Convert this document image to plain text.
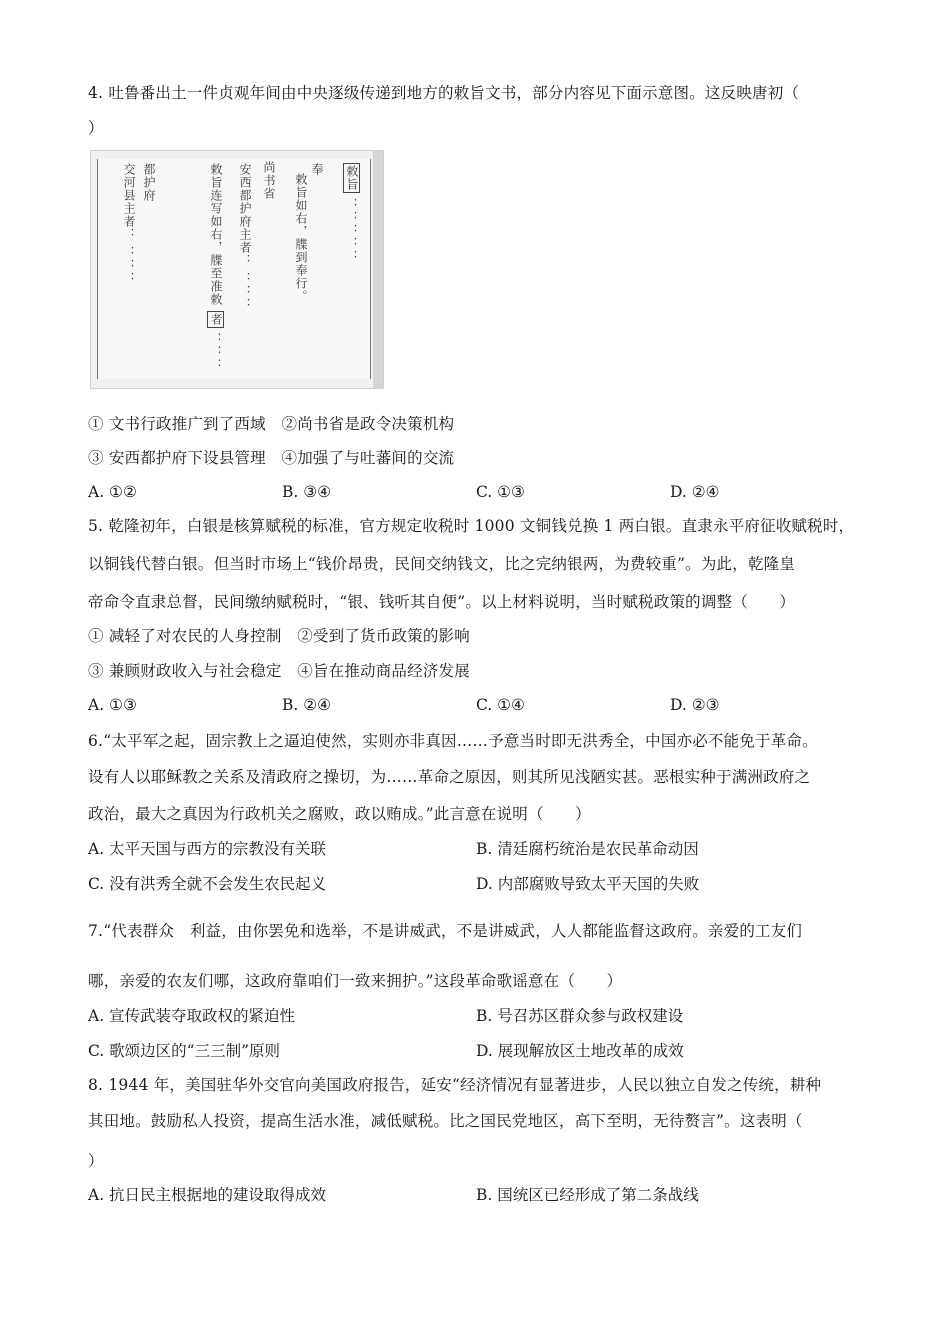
4. 吐鲁番出土一件贞观年间由中央逐级传递到地方的敕旨文书，部分内容见下面示意图。这反映唐初（
）
敕旨 ：：：：：
奉
敕旨如右，牒到奉行。
尚书省
安西都护府主者： ：：：
敕旨连写如右，牒至准敕 者 ：：：
都护府
交河县主者： ：：：
① 文书行政推广到了西域　②尚书省是政令决策机构
③ 安西都护府下设县管理　④加强了与吐蕃间的交流
A. ①②	B. ③④	C. ①③	D. ②④
5. 乾隆初年，白银是核算赋税的标准，官方规定收税时 1000 文铜钱兑换 1 两白银。直隶永平府征收赋税时，
以铜钱代替白银。但当时市场上“钱价昂贵，民间交纳钱文，比之完纳银两，为费较重”。为此，乾隆皇
帝命令直隶总督，民间缴纳赋税时，“银、钱听其自便”。以上材料说明，当时赋税政策的调整（　　）
① 减轻了对农民的人身控制　②受到了货币政策的影响
③ 兼顾财政收入与社会稳定　④旨在推动商品经济发展
A. ①③	B. ②④	C. ①④	D. ②③
6.“太平军之起，固宗教上之逼迫使然，实则亦非真因……予意当时即无洪秀全，中国亦必不能免于革命。
设有人以耶稣教之关系及清政府之操切，为……革命之原因，则其所见浅陋实甚。恶根实种于满洲政府之
政治，最大之真因为行政机关之腐败，政以贿成。”此言意在说明（　　）
A. 太平天国与西方的宗教没有关联	B. 清廷腐朽统治是农民革命动因
C. 没有洪秀全就不会发生农民起义	D. 内部腐败导致太平天国的失败
7.“代表群众　利益，由你罢免和选举，不是讲威武，不是讲威武，人人都能监督这政府。亲爱的工友们
哪，亲爱的农友们哪，这政府靠咱们一致来拥护。”这段革命歌谣意在（　　）
A. 宣传武装夺取政权的紧迫性	B. 号召苏区群众参与政权建设
C. 歌颂边区的“三三制”原则	D. 展现解放区土地改革的成效
8. 1944 年，美国驻华外交官向美国政府报告，延安“经济情况有显著进步，人民以独立自发之传统，耕种
其田地。鼓励私人投资，提高生活水准，减低赋税。比之国民党地区，高下至明，无待赘言”。这表明（
）
A. 抗日民主根据地的建设取得成效	B. 国统区已经形成了第二条战线
